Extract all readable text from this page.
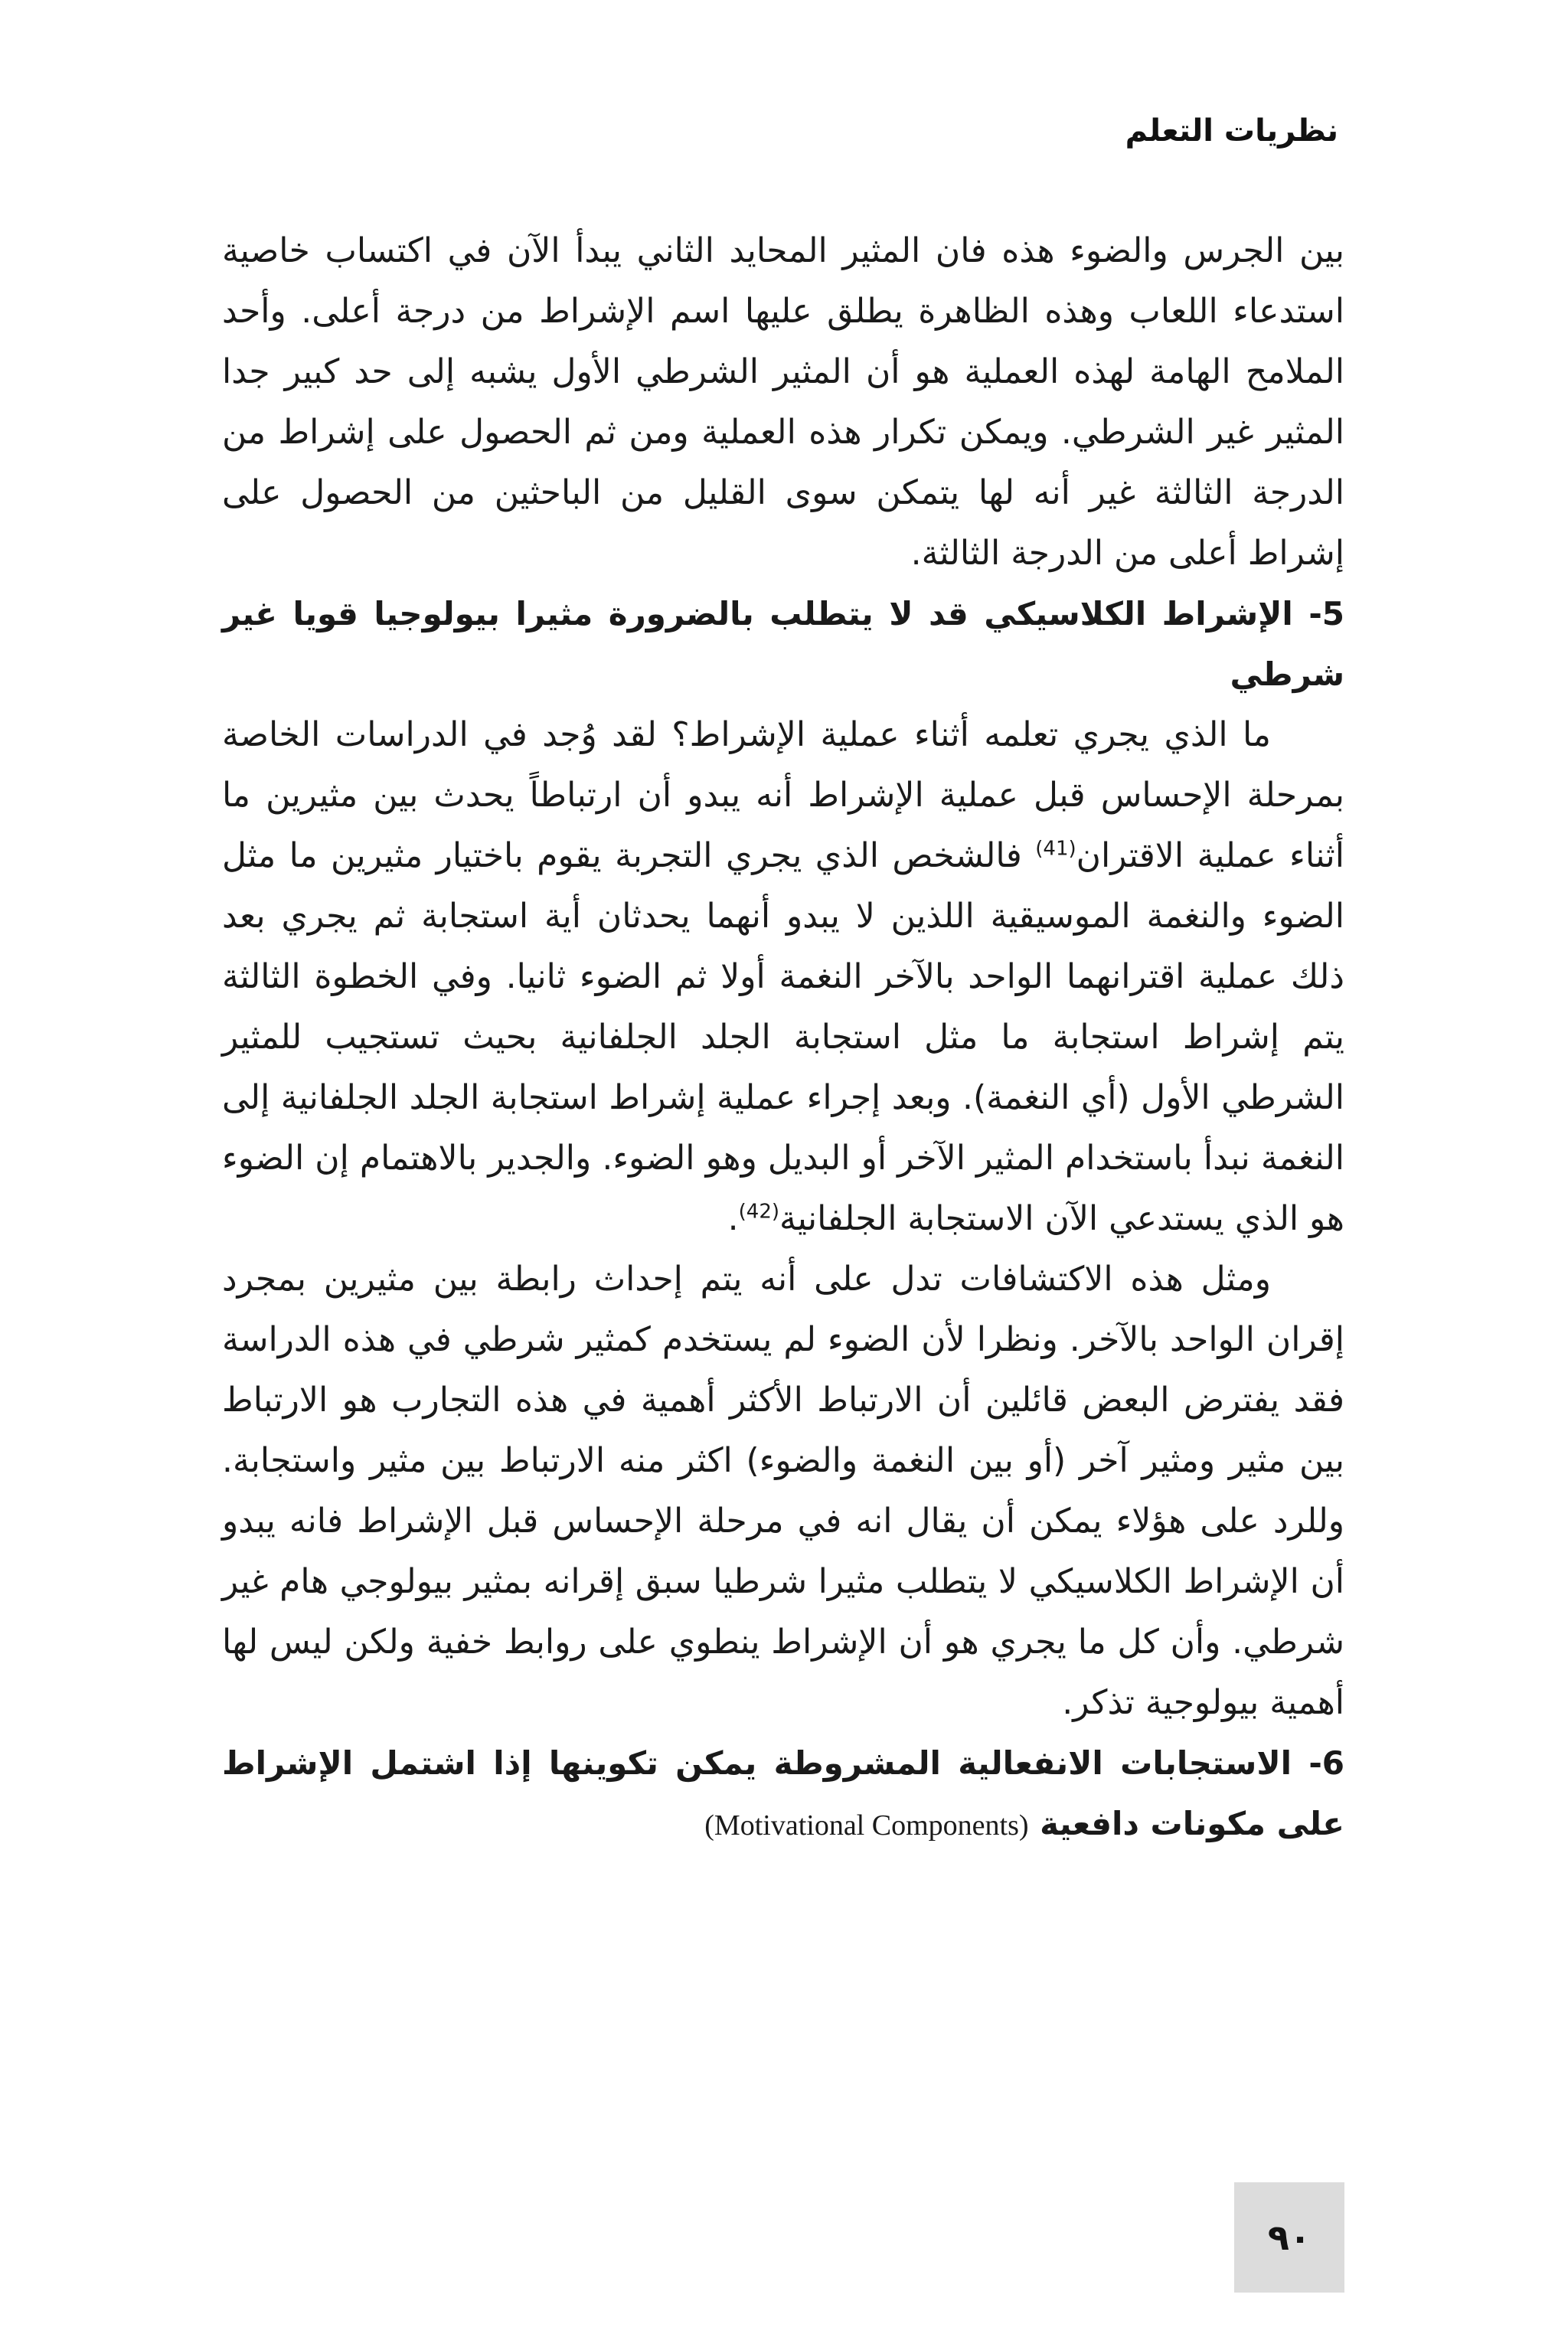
نظريات التعلم

بين الجرس والضوء هذه فان المثير المحايد الثاني يبدأ الآن في اكتساب خاصية استدعاء اللعاب وهذه الظاهرة يطلق عليها اسم الإشراط من درجة أعلى. وأحد الملامح الهامة لهذه العملية هو أن المثير الشرطي الأول يشبه إلى حد كبير جدا المثير غير الشرطي. ويمكن تكرار هذه العملية ومن ثم الحصول على إشراط من الدرجة الثالثة غير أنه لها يتمكن سوى القليل من الباحثين من الحصول على إشراط أعلى من الدرجة الثالثة.

5- الإشراط الكلاسيكي قد لا يتطلب بالضرورة مثيرا بيولوجيا قويا غير شرطي

ما الذي يجري تعلمه أثناء عملية الإشراط؟ لقد وُجد في الدراسات الخاصة بمرحلة الإحساس قبل عملية الإشراط أنه يبدو أن ارتباطاً يحدث بين مثيرين ما أثناء عملية الاقتران$^{(41)}$ فالشخص الذي يجري التجربة يقوم باختيار مثيرين ما مثل الضوء والنغمة الموسيقية اللذين لا يبدو أنهما يحدثان أية استجابة ثم يجري بعد ذلك عملية اقترانهما الواحد بالآخر النغمة أولا ثم الضوء ثانيا. وفي الخطوة الثالثة يتم إشراط استجابة ما مثل استجابة الجلد الجلفانية بحيث تستجيب للمثير الشرطي الأول (أي النغمة). وبعد إجراء عملية إشراط استجابة الجلد الجلفانية إلى النغمة نبدأ باستخدام المثير الآخر أو البديل وهو الضوء. والجدير بالاهتمام إن الضوء هو الذي يستدعي الآن الاستجابة الجلفانية$^{(42)}$.

ومثل هذه الاكتشافات تدل على أنه يتم إحداث رابطة بين مثيرين بمجرد إقران الواحد بالآخر. ونظرا لأن الضوء لم يستخدم كمثير شرطي في هذه الدراسة فقد يفترض البعض قائلين أن الارتباط الأكثر أهمية في هذه التجارب هو الارتباط بين مثير ومثير آخر (أو بين النغمة والضوء) اكثر منه الارتباط بين مثير واستجابة. وللرد على هؤلاء يمكن أن يقال انه في مرحلة الإحساس قبل الإشراط فانه يبدو أن الإشراط الكلاسيكي لا يتطلب مثيرا شرطيا سبق إقرانه بمثير بيولوجي هام غير شرطي. وأن كل ما يجري هو أن الإشراط ينطوي على روابط خفية ولكن ليس لها أهمية بيولوجية تذكر.

6- الاستجابات الانفعالية المشروطة يمكن تكوينها إذا اشتمل الإشراط على مكونات دافعية (Motivational Components)
٩٠
